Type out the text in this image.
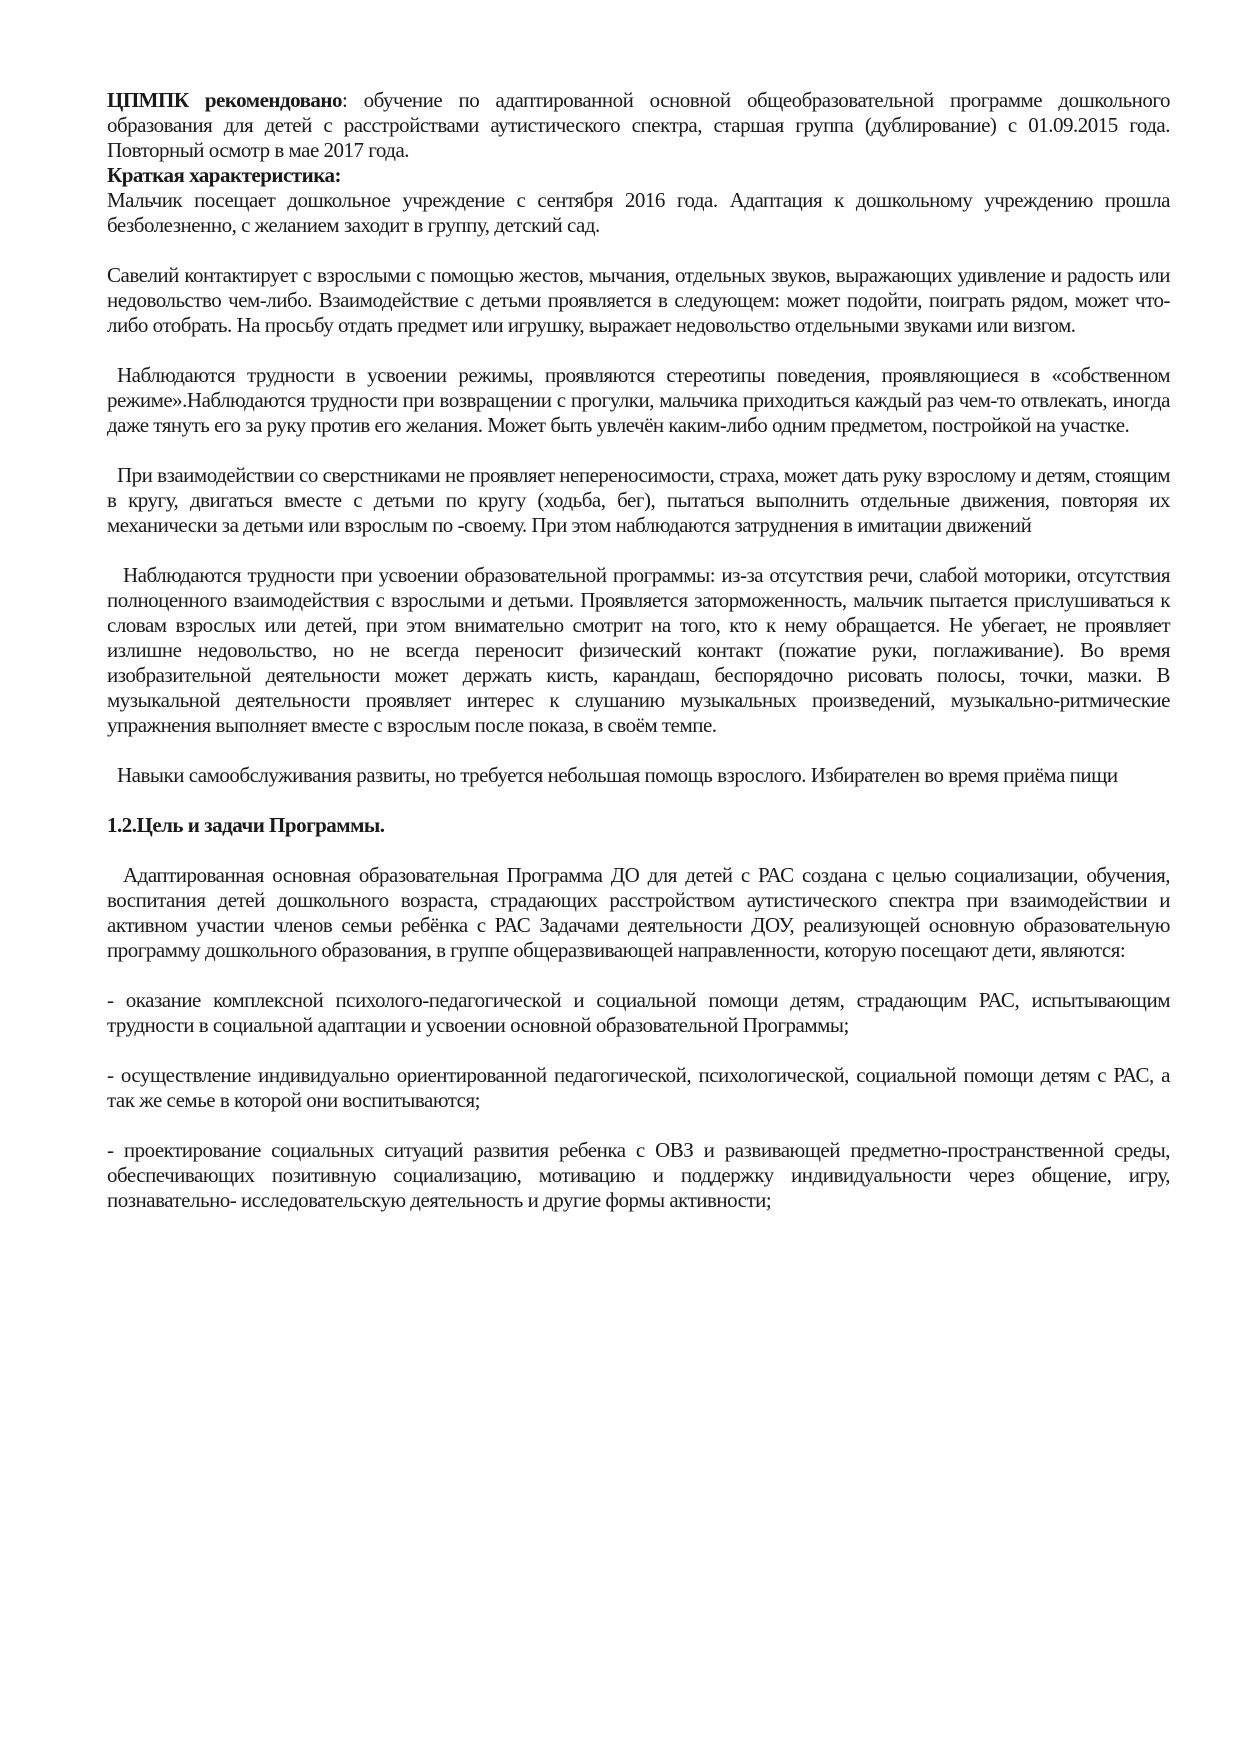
ЦПМПК рекомендовано: обучение по адаптированной основной общеобразовательной программе дошкольного образования для детей с расстройствами аутистического спектра, старшая группа (дублирование) с 01.09.2015 года. Повторный осмотр в мае 2017 года.

Краткая характеристика:

Мальчик посещает дошкольное учреждение с сентября 2016 года. Адаптация к дошкольному учреждению прошла безболезненно, с желанием заходит в группу, детский сад.

Савелий контактирует с взрослыми с помощью жестов, мычания, отдельных звуков, выражающих удивление и радость или недовольство чем-либо. Взаимодействие с детьми проявляется в следующем: может подойти, поиграть рядом, может что-либо отобрать. На просьбу отдать предмет или игрушку, выражает недовольство отдельными звуками или визгом.

Наблюдаются трудности в усвоении режимы, проявляются стереотипы поведения, проявляющиеся в «собственном режиме».Наблюдаются трудности при возвращении с прогулки, мальчика приходиться каждый раз чем-то отвлекать, иногда даже тянуть его за руку против его желания. Может быть увлечён каким-либо одним предметом, постройкой на участке.

При взаимодействии со сверстниками не проявляет непереносимости, страха, может дать руку взрослому и детям, стоящим в кругу, двигаться вместе с детьми по кругу (ходьба, бег), пытаться выполнить отдельные движения, повторяя их механически за детьми или взрослым по -своему. При этом наблюдаются затруднения в имитации движений

Наблюдаются трудности при усвоении образовательной программы: из-за отсутствия речи, слабой моторики, отсутствия полноценного взаимодействия с взрослыми и детьми. Проявляется заторможенность, мальчик пытается прислушиваться к словам взрослых или детей, при этом внимательно смотрит на того, кто к нему обращается. Не убегает, не проявляет излишне недовольство, но не всегда переносит физический контакт (пожатие руки, поглаживание). Во время изобразительной деятельности может держать кисть, карандаш, беспорядочно рисовать полосы, точки, мазки. В музыкальной деятельности проявляет интерес к слушанию музыкальных произведений, музыкально-ритмические упражнения выполняет вместе с взрослым после показа, в своём темпе.

Навыки самообслуживания развиты, но требуется небольшая помощь взрослого. Избирателен во время приёма пищи

1.2.Цель и задачи Программы.

Адаптированная основная образовательная Программа ДО для детей с РАС создана с целью социализации, обучения, воспитания детей дошкольного возраста, страдающих расстройством аутистического спектра при взаимодействии и активном участии членов семьи ребёнка с РАС Задачами деятельности ДОУ, реализующей основную образовательную программу дошкольного образования, в группе общеразвивающей направленности, которую посещают дети, являются:

- оказание комплексной психолого-педагогической и социальной помощи детям, страдающим РАС, испытывающим трудности в социальной адаптации и усвоении основной образовательной Программы;

- осуществление индивидуально ориентированной педагогической, психологической, социальной помощи детям с РАС, а так же семье в которой они воспитываются;

- проектирование социальных ситуаций развития ребенка с ОВЗ и развивающей предметно-пространственной среды, обеспечивающих позитивную социализацию, мотивацию и поддержку индивидуальности через общение, игру, познавательно- исследовательскую деятельность и другие формы активности;
